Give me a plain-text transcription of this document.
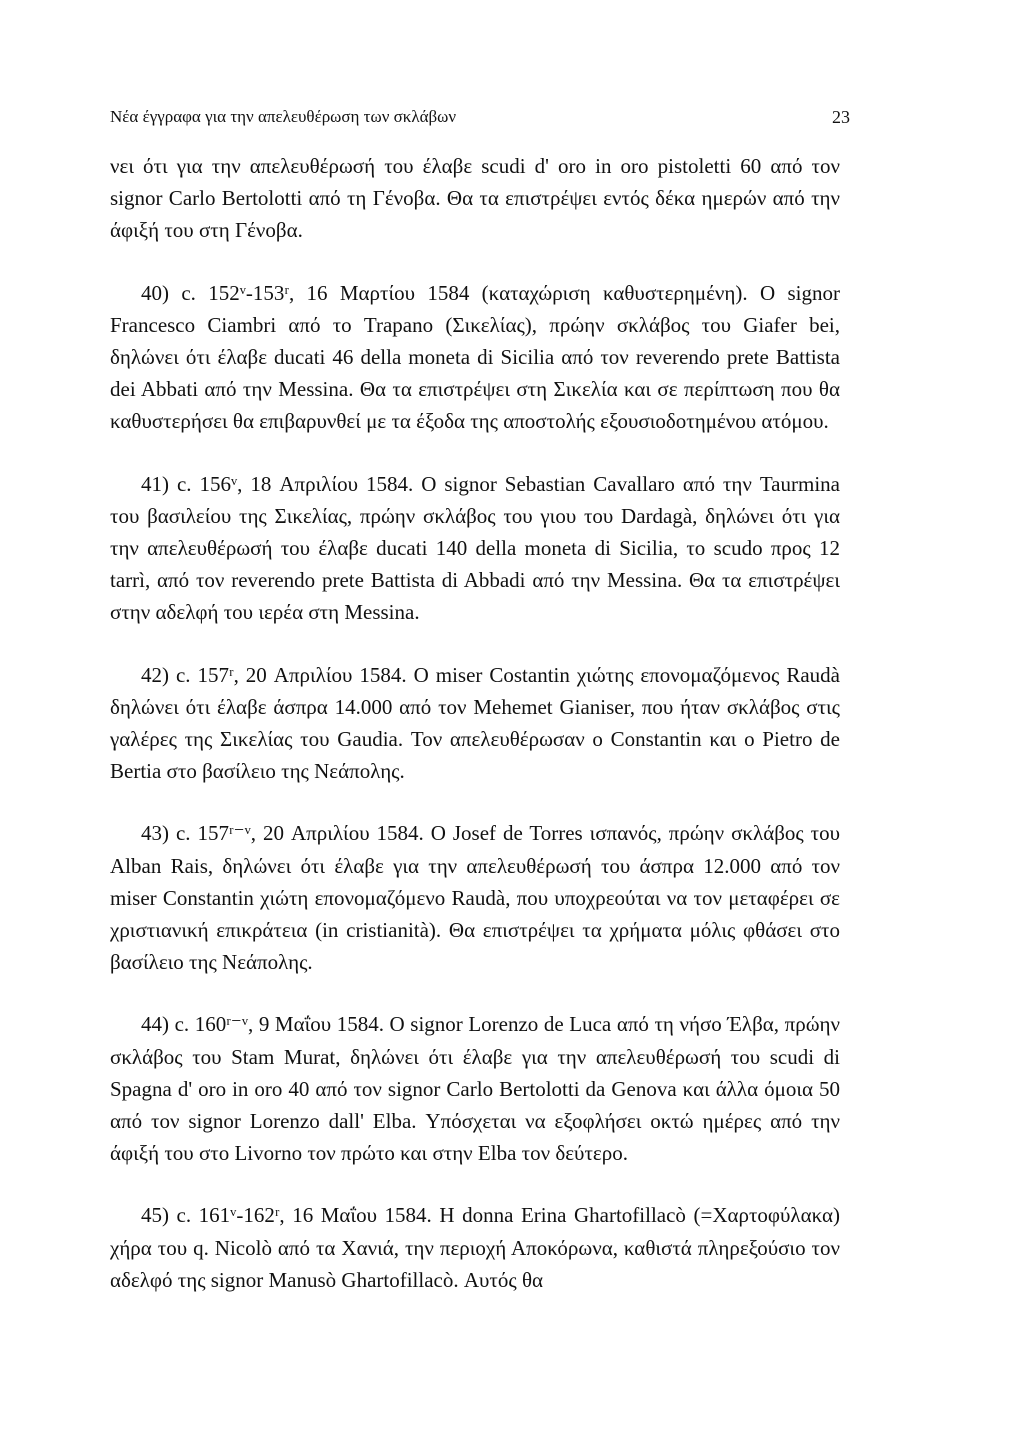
Νέα έγγραφα για την απελευθέρωση των σκλάβων	23

νει ότι για την απελευθέρωσή του έλαβε scudi d' oro in oro pistoletti 60 από τον signor Carlo Bertolotti από τη Γένοβα. Θα τα επιστρέψει εντός δέκα ημερών από την άφιξή του στη Γένοβα.

40) c. 152ᵛ-153ʳ, 16 Μαρτίου 1584 (καταχώριση καθυστερημένη). Ο signor Francesco Ciambri από το Trapano (Σικελίας), πρώην σκλάβος του Giafer bei, δηλώνει ότι έλαβε ducati 46 della moneta di Sicilia από τον reverendo prete Battista dei Abbati από την Messina. Θα τα επιστρέψει στη Σικελία και σε περίπτωση που θα καθυστερήσει θα επιβαρυνθεί με τα έξοδα της αποστολής εξουσιοδοτημένου ατόμου.

41) c. 156ᵛ, 18 Απριλίου 1584. Ο signor Sebastian Cavallaro από την Taurmina του βασιλείου της Σικελίας, πρώην σκλάβος του γιου του Dardagà, δηλώνει ότι για την απελευθέρωσή του έλαβε ducati 140 della moneta di Sicilia, το scudo προς 12 tarrì, από τον reverendo prete Battista di Abbadi από την Messina. Θα τα επιστρέψει στην αδελφή του ιερέα στη Messina.

42) c. 157ʳ, 20 Απριλίου 1584. Ο miser Costantin χιώτης επονομαζόμενος Raudà δηλώνει ότι έλαβε άσπρα 14.000 από τον Mehemet Gianiser, που ήταν σκλάβος στις γαλέρες της Σικελίας του Gaudia. Τον απελευθέρωσαν ο Constantin και ο Pietro de Bertia στο βασίλειο της Νεάπολης.

43) c. 157ʳ⁻ᵛ, 20 Απριλίου 1584. Ο Josef de Torres ισπανός, πρώην σκλάβος του Alban Rais, δηλώνει ότι έλαβε για την απελευθέρωσή του άσπρα 12.000 από τον miser Constantin χιώτη επονομαζόμενο Raudà, που υποχρεούται να τον μεταφέρει σε χριστιανική επικράτεια (in cristianità). Θα επιστρέψει τα χρήματα μόλις φθάσει στο βασίλειο της Νεάπολης.

44) c. 160ʳ⁻ᵛ, 9 Μαΐου 1584. Ο signor Lorenzo de Luca από τη νήσο Έλβα, πρώην σκλάβος του Stam Murat, δηλώνει ότι έλαβε για την απελευθέρωσή του scudi di Spagna d' oro in oro 40 από τον signor Carlo Bertolotti da Genova και άλλα όμοια 50 από τον signor Lorenzo dall' Elba. Υπόσχεται να εξοφλήσει οκτώ ημέρες από την άφιξή του στο Livorno τον πρώτο και στην Elba τον δεύτερο.

45) c. 161ᵛ-162ʳ, 16 Μαΐου 1584. Η donna Erina Ghartofillacò (=Χαρτοφύλακα) χήρα του q. Nicolò από τα Χανιά, την περιοχή Αποκόρωνα, καθιστά πληρεξούσιο τον αδελφό της signor Manusò Ghartofillacò. Αυτός θα
